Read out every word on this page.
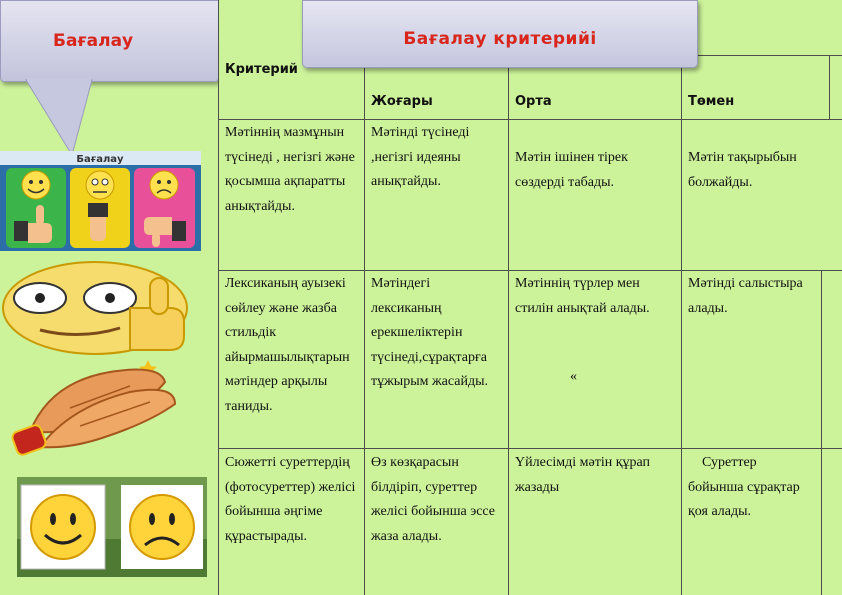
Бағалау
Бағалау
Бағалау критерийі
Критерий
Жоғары	Орта	Төмен
Мәтіннің мазмұнын түсінеді , негізгі және қосымша ақпаратты анықтайды.
Мәтінді түсінеді ,негізгі идеяны анықтайды.
Мәтін ішінен тірек сөздерді табады.
Мәтін тақырыбын болжайды.
Лексиканың ауызекі сөйлеу және жазба стильдік айырмашылықтарын мәтіндер арқылы таниды.
Мәтіндегі лексиканың ерекшеліктерін түсінеді,сұрақтарға тұжырым жасайды.
Мәтіннің түрлер мен стилін анықтай алады.
«
Мәтінді салыстыра алады.
Сюжетті суреттердің (фотосуреттер) желісі бойынша әңгіме құрастырады.
Өз көзқарасын білдіріп, суреттер желісі бойынша эссе жаза алады.
Үйлесімді мәтін құрап жазады
Суреттер бойынша сұрақтар қоя алады.
